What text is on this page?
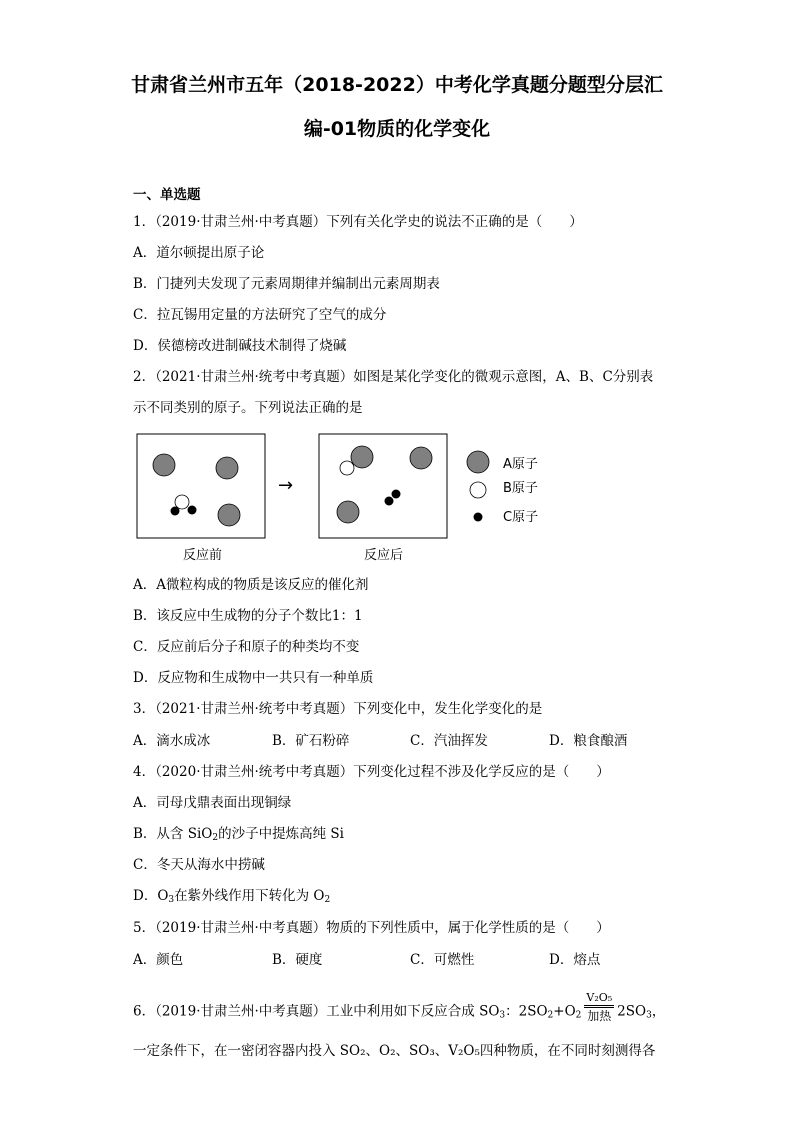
甘肃省兰州市五年（2018-2022）中考化学真题分题型分层汇
编-01物质的化学变化
一、单选题
1．（2019·甘肃兰州·中考真题）下列有关化学史的说法不正确的是（　　）
A．道尔顿提出原子论
B．门捷列夫发现了元素周期律并编制出元素周期表
C．拉瓦锡用定量的方法研究了空气的成分
D．侯德榜改进制碱技术制得了烧碱
2．（2021·甘肃兰州·统考中考真题）如图是某化学变化的微观示意图，A、B、C分别表
示不同类别的原子。下列说法正确的是
→
反应前	反应后
A原子
B原子
C原子
A．A微粒构成的物质是该反应的催化剂
B．该反应中生成物的分子个数比1：1
C．反应前后分子和原子的种类均不变
D．反应物和生成物中一共只有一种单质
3．（2021·甘肃兰州·统考中考真题）下列变化中，发生化学变化的是
A．滴水成冰	B．矿石粉碎	C．汽油挥发	D．粮食酿酒
4．（2020·甘肃兰州·统考中考真题）下列变化过程不涉及化学反应的是（　　）
A．司母戊鼎表面出现铜绿
B．从含 SiO$_2$的沙子中提炼高纯 Si
C．冬天从海水中捞碱
D．$O_3$在紫外线作用下转化为 $O_2$
5．（2019·甘肃兰州·中考真题）物质的下列性质中，属于化学性质的是（　　）
A．颜色	B．硬度	C．可燃性	D．熔点
6．（2019·甘肃兰州·中考真题）工业中利用如下反应合成 $SO_3$：$2SO_2+O_2 \frac{\text{V₂O₅}}{\text{加热}} 2SO_3$，
一定条件下，在一密闭容器内投入 SO₂、O₂、SO₃、V₂O₅四种物质，在不同时刻测得各
